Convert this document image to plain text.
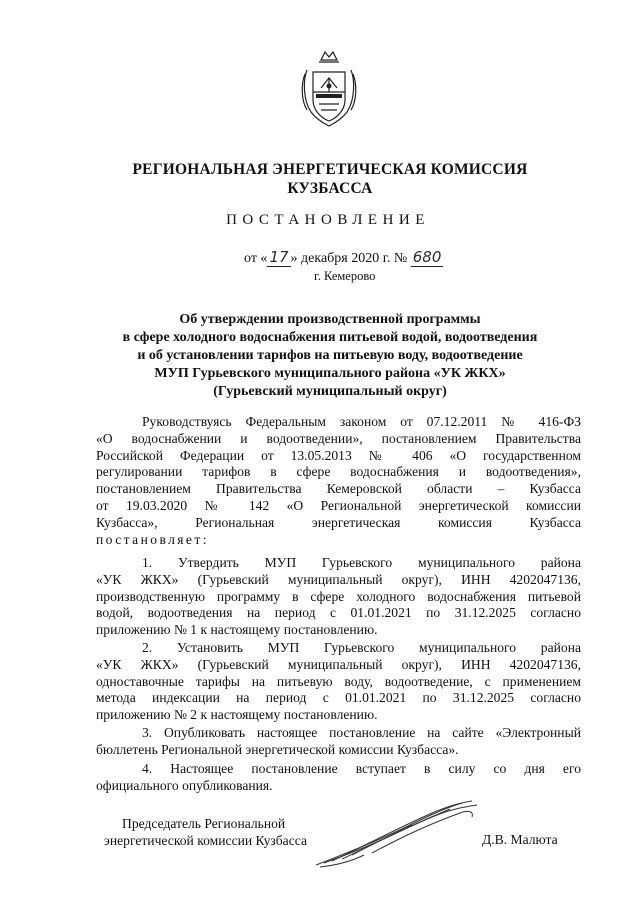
РЕГИОНАЛЬНАЯ ЭНЕРГЕТИЧЕСКАЯ КОМИССИЯ
КУЗБАССА
ПОСТАНОВЛЕНИЕ
от « 17 » декабря 2020 г. № 680
г. Кемерово
Об утверждении производственной программы
в сфере холодного водоснабжения питьевой водой, водоотведения
и об установлении тарифов на питьевую воду, водоотведение
МУП Гурьевского муниципального района «УК ЖКХ»
(Гурьевский муниципальный округ)
Руководствуясь Федеральным законом от 07.12.2011 № 416-ФЗ
«О водоснабжении и водоотведении», постановлением Правительства
Российской Федерации от 13.05.2013 № 406 «О государственном
регулировании тарифов в сфере водоснабжения и водоотведения»,
постановлением Правительства Кемеровской области – Кузбасса
от 19.03.2020 № 142 «О Региональной энергетической комиссии
Кузбасса», Региональная энергетическая комиссия Кузбасса
постановляет:
1. Утвердить МУП Гурьевского муниципального района
«УК ЖКХ» (Гурьевский муниципальный округ), ИНН 4202047136,
производственную программу в сфере холодного водоснабжения питьевой
водой, водоотведения на период с 01.01.2021 по 31.12.2025 согласно
приложению № 1 к настоящему постановлению.
2. Установить МУП Гурьевского муниципального района
«УК ЖКХ» (Гурьевский муниципальный округ), ИНН 4202047136,
одноставочные тарифы на питьевую воду, водоотведение, с применением
метода индексации на период с 01.01.2021 по 31.12.2025 согласно
приложению № 2 к настоящему постановлению.
3. Опубликовать настоящее постановление на сайте «Электронный
бюллетень Региональной энергетической комиссии Кузбасса».
4. Настоящее постановление вступает в силу со дня его
официального опубликования.
Председатель Региональной
энергетической комиссии Кузбасса	Д.В. Малюта
